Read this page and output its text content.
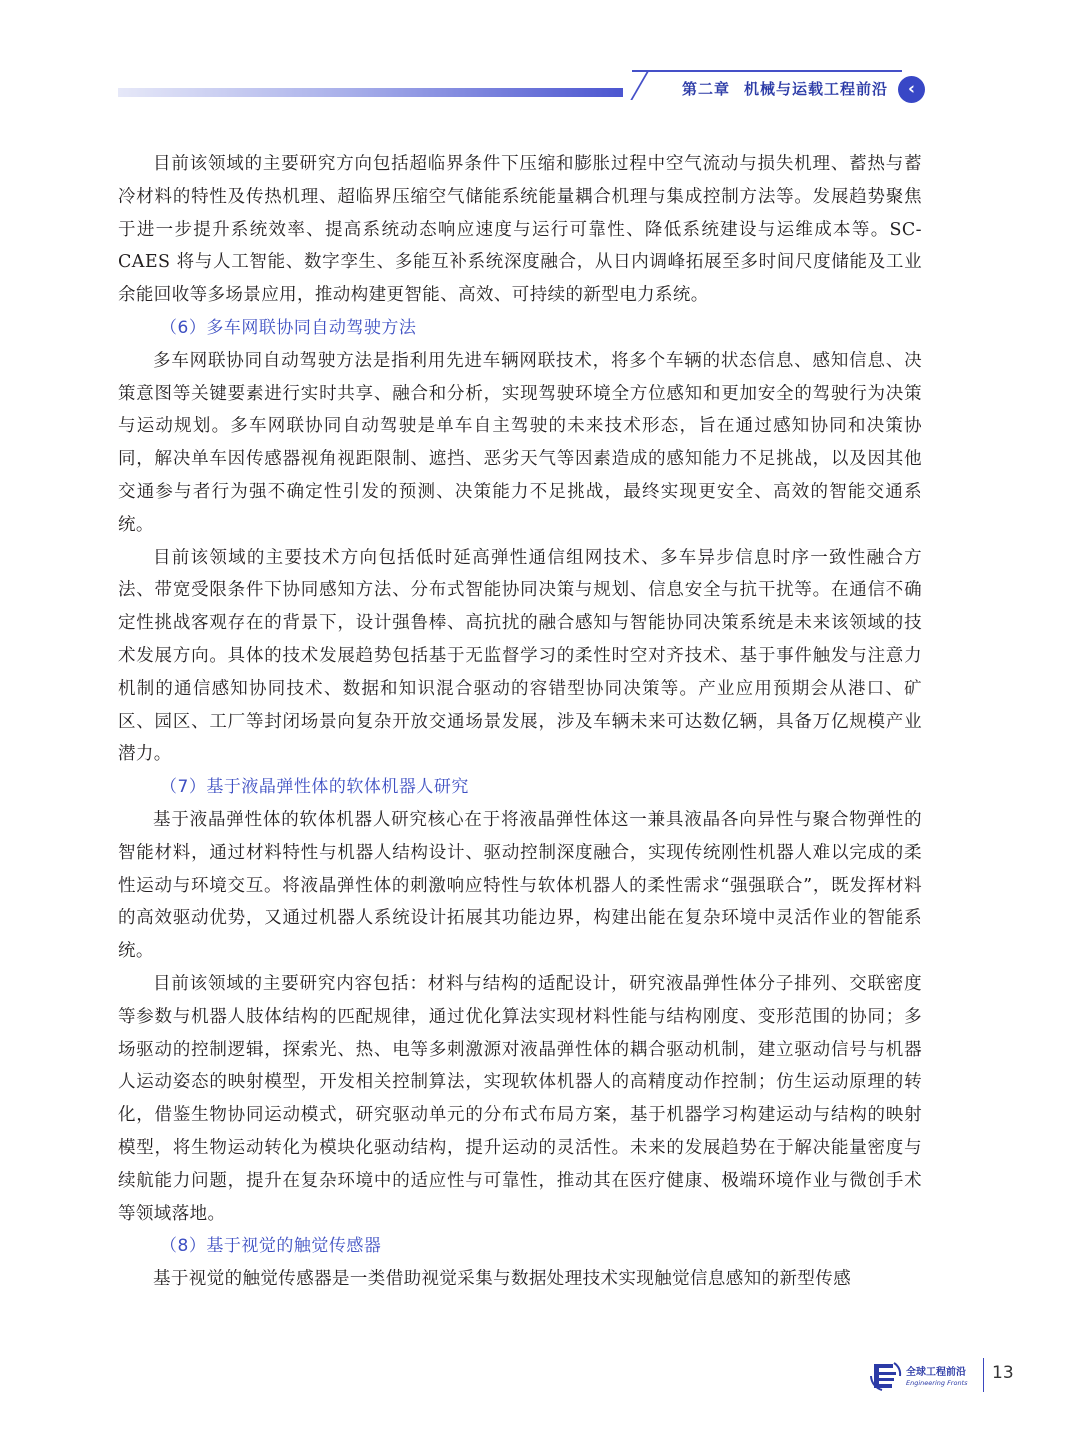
第二章 机械与运载工程前沿	‹

目前该领域的主要研究方向包括超临界条件下压缩和膨胀过程中空气流动与损失机理、蓄热与蓄冷材料的特性及传热机理、超临界压缩空气储能系统能量耦合机理与集成控制方法等。发展趋势聚焦于进一步提升系统效率、提高系统动态响应速度与运行可靠性、降低系统建设与运维成本等。SC-CAES 将与人工智能、数字孪生、多能互补系统深度融合，从日内调峰拓展至多时间尺度储能及工业余能回收等多场景应用，推动构建更智能、高效、可持续的新型电力系统。

（6）多车网联协同自动驾驶方法

多车网联协同自动驾驶方法是指利用先进车辆网联技术，将多个车辆的状态信息、感知信息、决策意图等关键要素进行实时共享、融合和分析，实现驾驶环境全方位感知和更加安全的驾驶行为决策与运动规划。多车网联协同自动驾驶是单车自主驾驶的未来技术形态，旨在通过感知协同和决策协同，解决单车因传感器视角视距限制、遮挡、恶劣天气等因素造成的感知能力不足挑战，以及因其他交通参与者行为强不确定性引发的预测、决策能力不足挑战，最终实现更安全、高效的智能交通系统。

目前该领域的主要技术方向包括低时延高弹性通信组网技术、多车异步信息时序一致性融合方法、带宽受限条件下协同感知方法、分布式智能协同决策与规划、信息安全与抗干扰等。在通信不确定性挑战客观存在的背景下，设计强鲁棒、高抗扰的融合感知与智能协同决策系统是未来该领域的技术发展方向。具体的技术发展趋势包括基于无监督学习的柔性时空对齐技术、基于事件触发与注意力机制的通信感知协同技术、数据和知识混合驱动的容错型协同决策等。产业应用预期会从港口、矿区、园区、工厂等封闭场景向复杂开放交通场景发展，涉及车辆未来可达数亿辆，具备万亿规模产业潜力。

（7）基于液晶弹性体的软体机器人研究

基于液晶弹性体的软体机器人研究核心在于将液晶弹性体这一兼具液晶各向异性与聚合物弹性的智能材料，通过材料特性与机器人结构设计、驱动控制深度融合，实现传统刚性机器人难以完成的柔性运动与环境交互。将液晶弹性体的刺激响应特性与软体机器人的柔性需求“强强联合”，既发挥材料的高效驱动优势，又通过机器人系统设计拓展其功能边界，构建出能在复杂环境中灵活作业的智能系统。

目前该领域的主要研究内容包括：材料与结构的适配设计，研究液晶弹性体分子排列、交联密度等参数与机器人肢体结构的匹配规律，通过优化算法实现材料性能与结构刚度、变形范围的协同；多场驱动的控制逻辑，探索光、热、电等多刺激源对液晶弹性体的耦合驱动机制，建立驱动信号与机器人运动姿态的映射模型，开发相关控制算法，实现软体机器人的高精度动作控制；仿生运动原理的转化，借鉴生物协同运动模式，研究驱动单元的分布式布局方案，基于机器学习构建运动与结构的映射模型，将生物运动转化为模块化驱动结构，提升运动的灵活性。未来的发展趋势在于解决能量密度与续航能力问题，提升在复杂环境中的适应性与可靠性，推动其在医疗健康、极端环境作业与微创手术等领域落地。

（8）基于视觉的触觉传感器

基于视觉的触觉传感器是一类借助视觉采集与数据处理技术实现触觉信息感知的新型传感

全球工程前沿
Engineering Fronts 13
